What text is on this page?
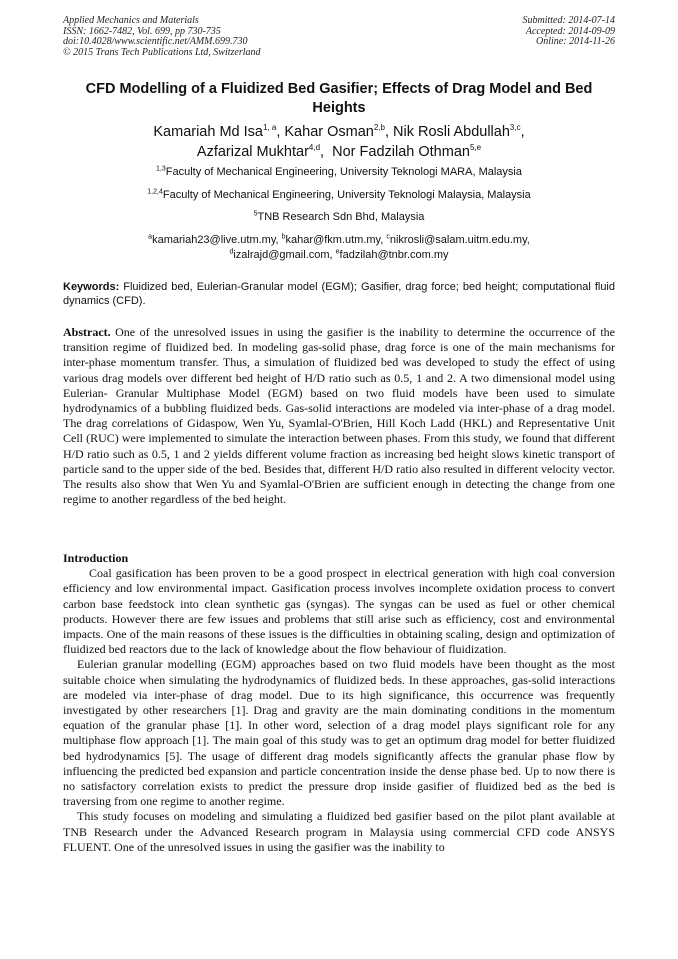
Applied Mechanics and Materials
ISSN: 1662-7482, Vol. 699, pp 730-735
doi:10.4028/www.scientific.net/AMM.699.730
© 2015 Trans Tech Publications Ltd, Switzerland
Submitted: 2014-07-14
Accepted: 2014-09-09
Online: 2014-11-26
CFD Modelling of a Fluidized Bed Gasifier; Effects of Drag Model and Bed Heights
Kamariah Md Isa$^{1, a}$, Kahar Osman$^{2,b}$, Nik Rosli Abdullah$^{3,c}$,
Azfarizal Mukhtar$^{4,d}$,  Nor Fadzilah Othman$^{5,e}$

$^{1,3}$Faculty of Mechanical Engineering, University Teknologi MARA, Malaysia

$^{1,2,4}$Faculty of Mechanical Engineering, University Teknologi Malaysia, Malaysia

$^5$TNB Research Sdn Bhd, Malaysia

$^a$kamariah23@live.utm.my, $^b$kahar@fkm.utm.my, $^c$nikrosli@salam.uitm.edu.my,
$^d$izalrajd@gmail.com, $^e$fadzilah@tnbr.com.my

Keywords: Fluidized bed, Eulerian-Granular model (EGM); Gasifier, drag force; bed height; computational fluid dynamics (CFD).
Abstract. One of the unresolved issues in using the gasifier is the inability to determine the occurrence of the transition regime of fluidized bed. In modeling gas-solid phase, drag force is one of the main mechanisms for inter-phase momentum transfer. Thus, a simulation of fluidized bed was developed to study the effect of using various drag models over different bed height of H/D ratio such as 0.5, 1 and 2. A two dimensional model using Eulerian- Granular Multiphase Model (EGM) based on two fluid models have been used to simulate hydrodynamics of a bubbling fluidized beds. Gas-solid interactions are modeled via inter-phase of a drag model. The drag correlations of Gidaspow, Wen Yu, Syamlal-O'Brien, Hill Koch Ladd (HKL) and Representative Unit Cell (RUC) were implemented to simulate the interaction between phases. From this study, we found that different H/D ratio such as 0.5, 1 and 2 yields different volume fraction as increasing bed height slows kinetic transport of particle sand to the upper side of the bed. Besides that, different H/D ratio also resulted in different velocity vector. The results also show that Wen Yu and Syamlal-O'Brien are sufficient enough in detecting the change from one regime to another regardless of the bed height.
Introduction

Coal gasification has been proven to be a good prospect in electrical generation with high coal conversion efficiency and low environmental impact. Gasification process involves incomplete oxidation process to convert carbon base feedstock into clean synthetic gas (syngas). The syngas can be used as fuel or other chemical products. However there are few issues and problems that still arise such as efficiency, cost and environmental impacts. One of the main reasons of these issues is the difficulties in obtaining scaling, design and optimization of fluidized bed reactors due to the lack of knowledge about the flow behaviour of fluidization.

Eulerian granular modelling (EGM) approaches based on two fluid models have been thought as the most suitable choice when simulating the hydrodynamics of fluidized beds. In these approaches, gas-solid interactions are modeled via inter-phase of drag model. Due to its high significance, this occurrence was frequently investigated by other researchers [1]. Drag and gravity are the main dominating conditions in the momentum equation of the granular phase [1]. In other word, selection of a drag model plays significant role for any multiphase flow approach [1]. The main goal of this study was to get an optimum drag model for better fluidized bed hydrodynamics [5]. The usage of different drag models significantly affects the granular phase flow by influencing the predicted bed expansion and particle concentration inside the dense phase bed. Up to now there is no satisfactory correlation exists to predict the pressure drop inside gasifier of fluidized bed as the bed is traversing from one regime to another regime.

This study focuses on modeling and simulating a fluidized bed gasifier based on the pilot plant available at TNB Research under the Advanced Research program in Malaysia using commercial CFD code ANSYS FLUENT. One of the unresolved issues in using the gasifier was the inability to
